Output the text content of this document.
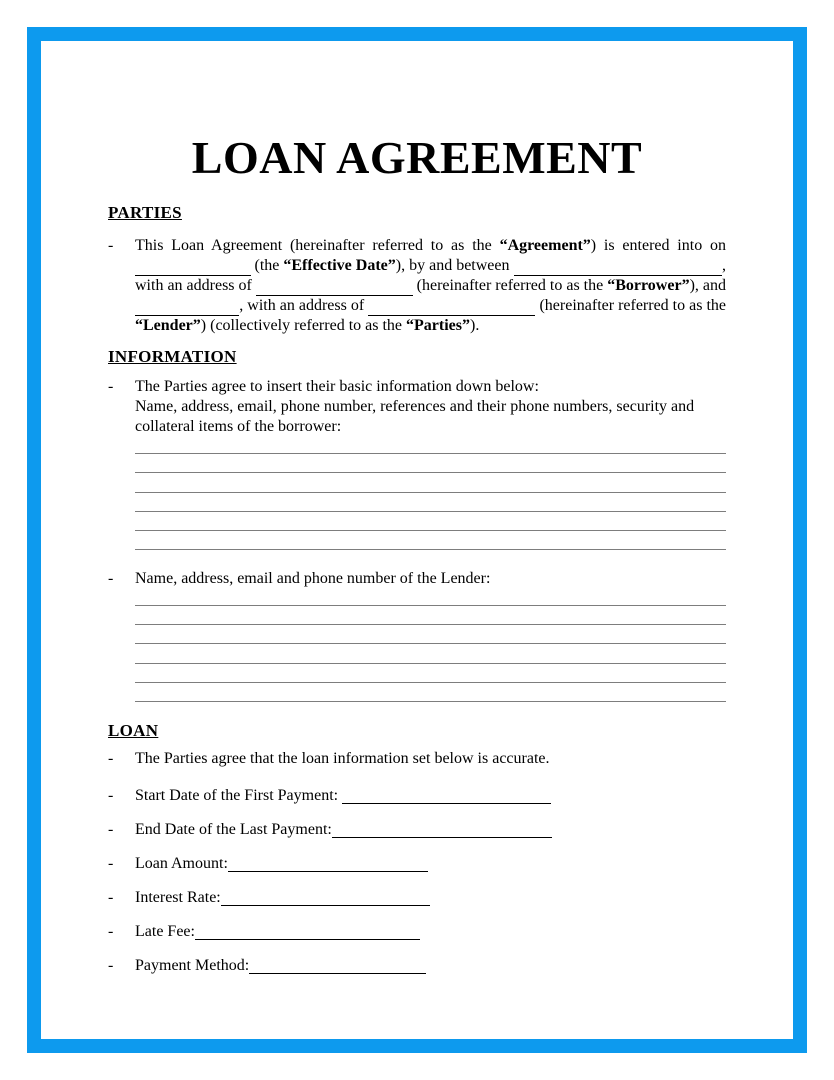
LOAN AGREEMENT
PARTIES
-	This Loan Agreement (hereinafter referred to as the “Agreement”) is entered into on
(the “Effective Date” ), by and between	,
with an address of	(hereinafter referred to as the “Borrower” ), and
, with an address of	(hereinafter referred to as the
“Lender”) (collectively referred to as the “Parties”).
INFORMATION
-	The Parties agree to insert their basic information down below:
Name, address, email, phone number, references and their phone numbers, security and
collateral items of the borrower:
-	Name, address, email and phone number of the Lender:
LOAN
-	The Parties agree that the loan information set below is accurate.
-	Start Date of the First Payment:
-	End Date of the Last Payment:
-	Loan Amount:
-	Interest Rate:
-	Late Fee:
-	Payment Method:
